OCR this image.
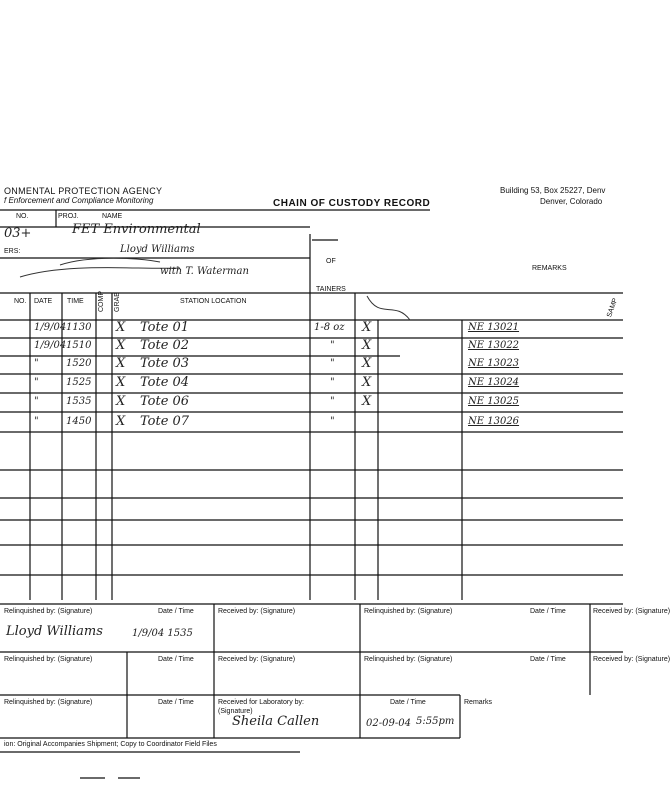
ONMENTAL PROTECTION AGENCY
f Enforcement and Compliance Monitoring	CHAIN OF CUSTODY RECORD
Building 53, Box 25227, Denv
Denver, Colorado
NO.	PROJ.	NAME
03+	FET Environmental
ERS:	Lloyd Williams
with T. Waterman
OF
TAINERS
REMARKS
NO. DATE TIME COMP GRAB	STATION LOCATION	SAMP
1/9/04 1130 X Tote 01	1-8 oz X	NE 13021
1/9/04 1510 X Tote 02	" X	NE 13022
"	1520 X Tote 03	" X	NE 13023
"	1525 X Tote 04	" X	NE 13024
"	1535 X Tote 06	" X	NE 13025
"	1450 X Tote 07	"	NE 13026
Relinquished by: (Signature)	Date / Time	Received by: (Signature)	Relinquished by: (Signature)	Date / Time	Received by: (Signature)
Lloyd Williams	1/9/04 1535
Relinquished by: (Signature)	Date / Time	Received by: (Signature)	Relinquished by: (Signature)	Date / Time	Received by: (Signature)
Relinquished by: (Signature)	Date / Time	Received for Laboratory by:
(Signature)
Date / Time	Remarks
Sheila Callen	02-09-04 5:55pm
ion: Original Accompanies Shipment; Copy to Coordinator Field Files
